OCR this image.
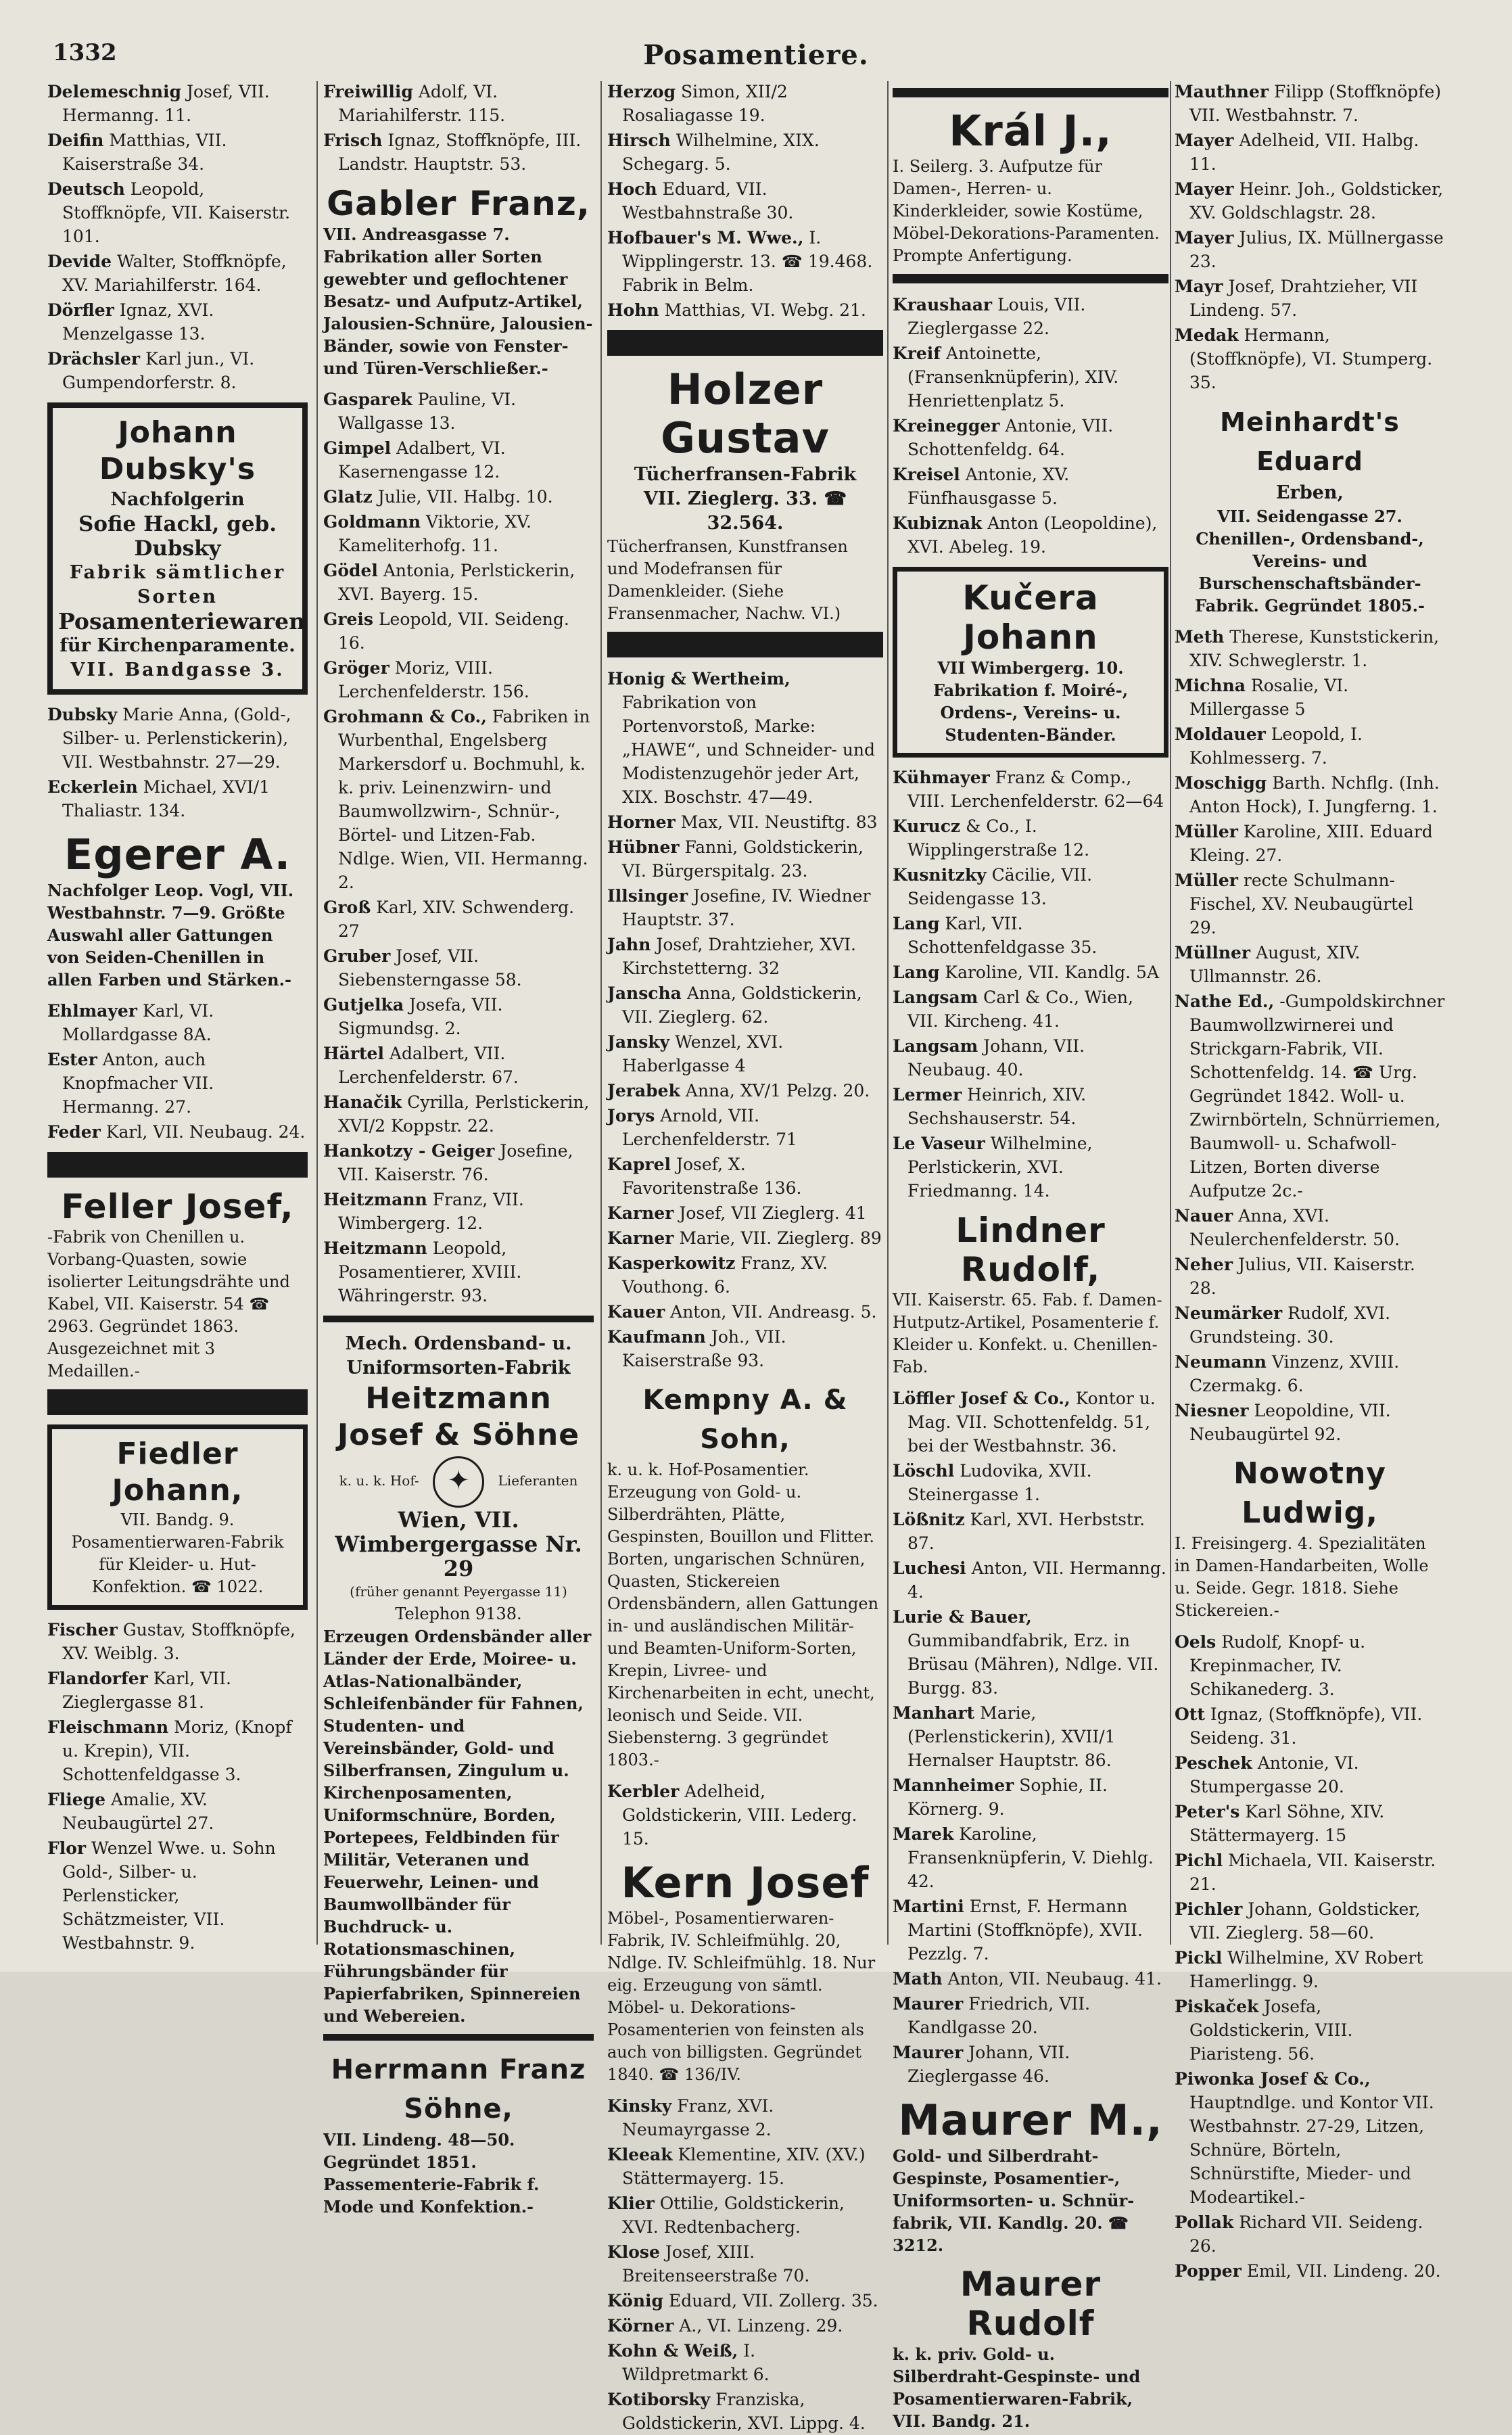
1332	Posamentiere.
Delemeschnig Josef, VII. Hermanng. 11.
Deifin Matthias, VII. Kaiserstraße 34.
Deutsch Leopold, Stoffknöpfe, VII. Kaiserstr. 101.
Devide Walter, Stoffknöpfe, XV. Mariahilferstr. 164.
Dörfler Ignaz, XVI. Menzelgasse 13.
Drächsler Karl jun., VI. Gumpendorferstr. 8.
Johann Dubsky's
Nachfolgerin
Sofie Hackl, geb. Dubsky
Fabrik sämtlicher Sorten
Posamenteriewaren
für Kirchenparamente.
VII. Bandgasse 3.
Dubsky Marie Anna, (Gold-, Silber- u. Perlenstickerin), VII. Westbahnstr. 27—29.
Eckerlein Michael, XVI/1 Thaliastr. 134.
Egerer A.
Nachfolger Leop. Vogl, VII. Westbahnstr. 7—9. Größte Auswahl aller Gattungen von Seiden-Chenillen in allen Farben und Stärken.-
Ehlmayer Karl, VI. Mollardgasse 8A.
Ester Anton, auch Knopfmacher VII. Hermanng. 27.
Feder Karl, VII. Neubaug. 24.
Feller Josef,
-Fabrik von Chenillen u. Vorbang-Quasten, sowie isolierter Leitungsdrähte und Kabel, VII. Kaiserstr. 54 ☎ 2963. Gegründet 1863. Ausgezeichnet mit 3 Medaillen.-
Fiedler Johann,
VII. Bandg. 9. Posamentierwaren-Fabrik für Kleider- u. Hut-Konfektion. ☎ 1022.
Fischer Gustav, Stoffknöpfe, XV. Weiblg. 3.
Flandorfer Karl, VII. Zieglergasse 81.
Fleischmann Moriz, (Knopf u. Krepin), VII. Schottenfeldgasse 3.
Fliege Amalie, XV. Neubaugürtel 27.
Flor Wenzel Wwe. u. Sohn Gold-, Silber- u. Perlensticker, Schätzmeister, VII. Westbahnstr. 9.
Freiwillig Adolf, VI. Mariahilferstr. 115.
Frisch Ignaz, Stoffknöpfe, III. Landstr. Hauptstr. 53.
Gabler Franz,
VII. Andreasgasse 7. Fabrikation aller Sorten gewebter und geflochtener Besatz- und Aufputz-Artikel, Jalousien-Schnüre, Jalousien-Bänder, sowie von Fenster- und Türen-Verschließer.-
Gasparek Pauline, VI. Wallgasse 13.
Gimpel Adalbert, VI. Kasernengasse 12.
Glatz Julie, VII. Halbg. 10.
Goldmann Viktorie, XV. Kameliterhofg. 11.
Gödel Antonia, Perlstickerin, XVI. Bayerg. 15.
Greis Leopold, VII. Seideng. 16.
Gröger Moriz, VIII. Lerchenfelderstr. 156.
Grohmann & Co., Fabriken in Wurbenthal, Engelsberg Markersdorf u. Bochmuhl, k. k. priv. Leinenzwirn- und Baumwollzwirn-, Schnür-, Börtel- und Litzen-Fab. Ndlge. Wien, VII. Hermanng. 2.
Groß Karl, XIV. Schwenderg. 27
Gruber Josef, VII. Siebensterngasse 58.
Gutjelka Josefa, VII. Sigmundsg. 2.
Härtel Adalbert, VII. Lerchenfelderstr. 67.
Hanačik Cyrilla, Perlstickerin, XVI/2 Koppstr. 22.
Hankotzy - Geiger Josefine, VII. Kaiserstr. 76.
Heitzmann Franz, VII. Wimbergerg. 12.
Heitzmann Leopold, Posamentierer, XVIII. Währingerstr. 93.
Mech. Ordensband- u. Uniformsorten-Fabrik
Heitzmann Josef & Söhne
k. u. k. Hof- ✦ Lieferanten
Wien, VII. Wimbergergasse Nr. 29
(früher genannt Peyergasse 11)
Telephon 9138.
Erzeugen Ordensbänder aller Länder der Erde, Moiree- u. Atlas-Nationalbänder, Schleifenbänder für Fahnen, Studenten- und Vereinsbänder, Gold- und Silberfransen, Zingulum u. Kirchenposamenten, Uniformschnüre, Borden, Portepees, Feldbinden für Militär, Veteranen und Feuerwehr, Leinen- und Baumwollbänder für Buchdruck- u. Rotationsmaschinen, Führungsbänder für Papierfabriken, Spinnereien und Webereien.
Herrmann Franz Söhne,
VII. Lindeng. 48—50. Gegründet 1851. Passementerie-Fabrik f. Mode und Konfektion.-
Herzog Simon, XII/2 Rosaliagasse 19.
Hirsch Wilhelmine, XIX. Schegarg. 5.
Hoch Eduard, VII. Westbahnstraße 30.
Hofbauer's M. Wwe., I. Wipplingerstr. 13. ☎ 19.468. Fabrik in Belm.
Hohn Matthias, VI. Webg. 21.
Holzer Gustav
Tücherfransen-Fabrik
VII. Zieglerg. 33. ☎ 32.564.
Tücherfransen, Kunstfransen und Modefransen für Damenkleider. (Siehe Fransenmacher, Nachw. VI.)
Honig & Wertheim, Fabrikation von Portenvorstoß, Marke: „HAWE“, und Schneider- und Modistenzugehör jeder Art, XIX. Boschstr. 47—49.
Horner Max, VII. Neustiftg. 83
Hübner Fanni, Goldstickerin, VI. Bürgerspitalg. 23.
Illsinger Josefine, IV. Wiedner Hauptstr. 37.
Jahn Josef, Drahtzieher, XVI. Kirchstetterng. 32
Janscha Anna, Goldstickerin, VII. Zieglerg. 62.
Jansky Wenzel, XVI. Haberlgasse 4
Jerabek Anna, XV/1 Pelzg. 20.
Jorys Arnold, VII. Lerchenfelderstr. 71
Kaprel Josef, X. Favoritenstraße 136.
Karner Josef, VII Zieglerg. 41
Karner Marie, VII. Zieglerg. 89
Kasperkowitz Franz, XV. Vouthong. 6.
Kauer Anton, VII. Andreasg. 5.
Kaufmann Joh., VII. Kaiserstraße 93.
Kempny A. & Sohn,
k. u. k. Hof-Posamentier. Erzeugung von Gold- u. Silberdrähten, Plätte, Gespinsten, Bouillon und Flitter. Borten, ungarischen Schnüren, Quasten, Stickereien Ordensbändern, allen Gattungen in- und ausländischen Militär- und Beamten-Uniform-Sorten, Krepin, Livree- und Kirchenarbeiten in echt, unecht, leonisch und Seide. VII. Siebensterng. 3 gegründet 1803.-
Kerbler Adelheid, Goldstickerin, VIII. Lederg. 15.
Kern Josef
Möbel-, Posamentierwaren-Fabrik, IV. Schleifmühlg. 20, Ndlge. IV. Schleifmühlg. 18. Nur eig. Erzeugung von sämtl. Möbel- u. Dekorations-Posamenterien von feinsten als auch von billigsten. Gegründet 1840. ☎ 136/IV.
Kinsky Franz, XVI. Neumayrgasse 2.
Kleeak Klementine, XIV. (XV.) Stättermayerg. 15.
Klier Ottilie, Goldstickerin, XVI. Redtenbacherg.
Klose Josef, XIII. Breitenseerstraße 70.
König Eduard, VII. Zollerg. 35.
Körner A., VI. Linzeng. 29.
Kohn & Weiß, I. Wildpretmarkt 6.
Kotiborsky Franziska, Goldstickerin, XVI. Lippg. 4.
Král J.,
I. Seilerg. 3. Aufputze für Damen-, Herren- u. Kinderkleider, sowie Kostüme, Möbel-Dekorations-Paramenten. Prompte Anfertigung.
Kraushaar Louis, VII. Zieglergasse 22.
Kreif Antoinette, (Fransenknüpferin), XIV. Henriettenplatz 5.
Kreinegger Antonie, VII. Schottenfeldg. 64.
Kreisel Antonie, XV. Fünfhausgasse 5.
Kubiznak Anton (Leopoldine), XVI. Abeleg. 19.
Kučera Johann
VII Wimbergerg. 10. Fabrikation f. Moiré-, Ordens-, Vereins- u. Studenten-Bänder.
Kühmayer Franz & Comp., VIII. Lerchenfelderstr. 62—64
Kurucz & Co., I. Wipplingerstraße 12.
Kusnitzky Cäcilie, VII. Seidengasse 13.
Lang Karl, VII. Schottenfeldgasse 35.
Lang Karoline, VII. Kandlg. 5A
Langsam Carl & Co., Wien, VII. Kircheng. 41.
Langsam Johann, VII. Neubaug. 40.
Lermer Heinrich, XIV. Sechshauserstr. 54.
Le Vaseur Wilhelmine, Perlstickerin, XVI. Friedmanng. 14.
Lindner Rudolf,
VII. Kaiserstr. 65. Fab. f. Damen-Hutputz-Artikel, Posamenterie f. Kleider u. Konfekt. u. Chenillen-Fab.
Löffler Josef & Co., Kontor u. Mag. VII. Schottenfeldg. 51, bei der Westbahnstr. 36.
Löschl Ludovika, XVII. Steinergasse 1.
Lößnitz Karl, XVI. Herbststr. 87.
Luchesi Anton, VII. Hermanng. 4.
Lurie & Bauer, Gummibandfabrik, Erz. in Brüsau (Mähren), Ndlge. VII. Burgg. 83.
Manhart Marie, (Perlenstickerin), XVII/1 Hernalser Hauptstr. 86.
Mannheimer Sophie, II. Körnerg. 9.
Marek Karoline, Fransenknüpferin, V. Diehlg. 42.
Martini Ernst, F. Hermann Martini (Stoffknöpfe), XVII. Pezzlg. 7.
Math Anton, VII. Neubaug. 41.
Maurer Friedrich, VII. Kandlgasse 20.
Maurer Johann, VII. Zieglergasse 46.
Maurer M.,
Gold- und Silberdraht-Gespinste, Posamentier-, Uniformsorten- u. Schnür-fabrik, VII. Kandlg. 20. ☎ 3212.
Maurer Rudolf
k. k. priv. Gold- u. Silberdraht-Gespinste- und Posamentierwaren-Fabrik, VII. Bandg. 21.
Mauthner Filipp (Stoffknöpfe) VII. Westbahnstr. 7.
Mayer Adelheid, VII. Halbg. 11.
Mayer Heinr. Joh., Goldsticker, XV. Goldschlagstr. 28.
Mayer Julius, IX. Müllnergasse 23.
Mayr Josef, Drahtzieher, VII Lindeng. 57.
Medak Hermann, (Stoffknöpfe), VI. Stumperg. 35.
Meinhardt's Eduard
Erben,
VII. Seidengasse 27. Chenillen-, Ordensband-, Vereins- und Burschenschaftsbänder-Fabrik. Gegründet 1805.-
Meth Therese, Kunststickerin, XIV. Schweglerstr. 1.
Michna Rosalie, VI. Millergasse 5
Moldauer Leopold, I. Kohlmesserg. 7.
Moschigg Barth. Nchflg. (Inh. Anton Hock), I. Jungferng. 1.
Müller Karoline, XIII. Eduard Kleing. 27.
Müller recte Schulmann-Fischel, XV. Neubaugürtel 29.
Müllner August, XIV. Ullmannstr. 26.
Nathe Ed., -Gumpoldskirchner Baumwollzwirnerei und Strickgarn-Fabrik, VII. Schottenfeldg. 14. ☎ Urg. Gegründet 1842. Woll- u. Zwirnbörteln, Schnürriemen, Baumwoll- u. Schafwoll-Litzen, Borten diverse Aufputze 2c.-
Nauer Anna, XVI. Neulerchenfelderstr. 50.
Neher Julius, VII. Kaiserstr. 28.
Neumärker Rudolf, XVI. Grundsteing. 30.
Neumann Vinzenz, XVIII. Czermakg. 6.
Niesner Leopoldine, VII. Neubaugürtel 92.
Nowotny Ludwig,
I. Freisingerg. 4. Spezialitäten in Damen-Handarbeiten, Wolle u. Seide. Gegr. 1818. Siehe Stickereien.-
Oels Rudolf, Knopf- u. Krepinmacher, IV. Schikanederg. 3.
Ott Ignaz, (Stoffknöpfe), VII. Seideng. 31.
Peschek Antonie, VI. Stumpergasse 20.
Peter's Karl Söhne, XIV. Stättermayerg. 15
Pichl Michaela, VII. Kaiserstr. 21.
Pichler Johann, Goldsticker, VII. Zieglerg. 58—60.
Pickl Wilhelmine, XV Robert Hamerlingg. 9.
Piskaček Josefa, Goldstickerin, VIII. Piaristeng. 56.
Piwonka Josef & Co., Hauptndlge. und Kontor VII. Westbahnstr. 27-29, Litzen, Schnüre, Börteln, Schnürstifte, Mieder- und Modeartikel.-
Pollak Richard VII. Seideng. 26.
Popper Emil, VII. Lindeng. 20.
